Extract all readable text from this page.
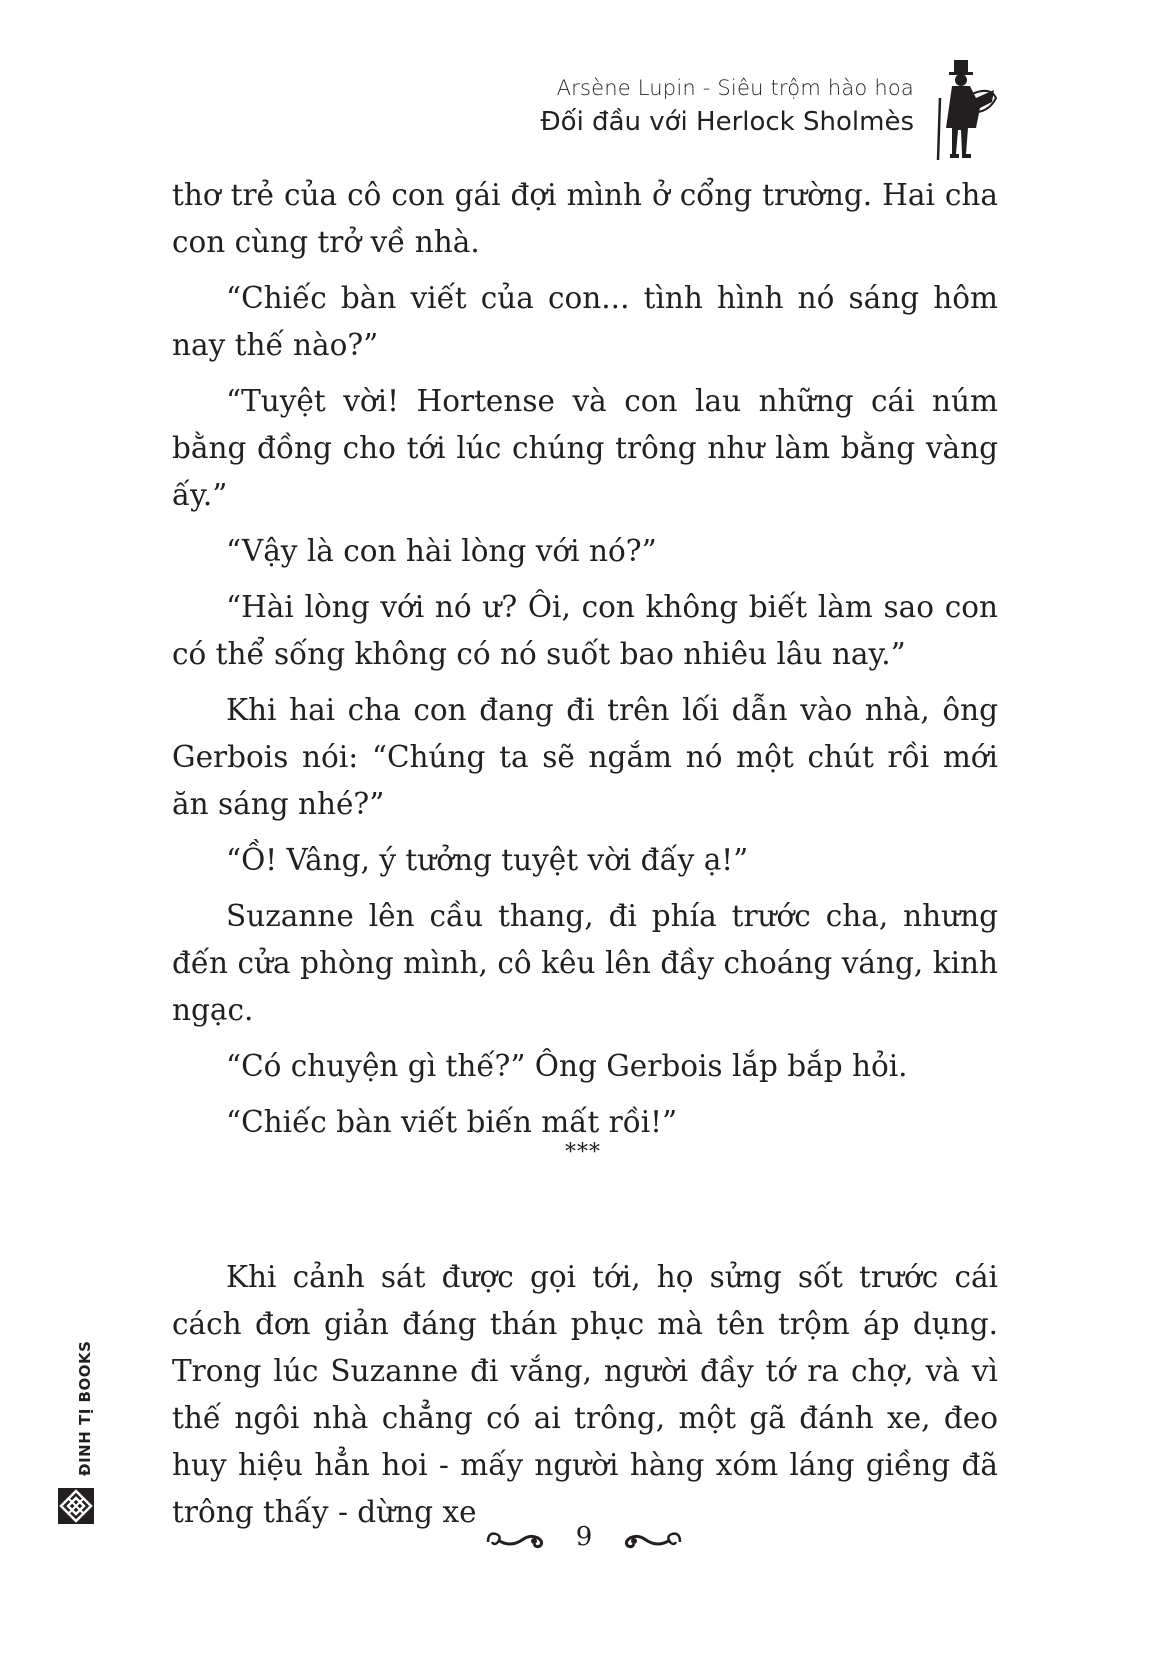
Arsène Lupin - Siêu trộm hào hoa
Đối đầu với Herlock Sholmès

thơ trẻ của cô con gái đợi mình ở cổng trường. Hai cha con cùng trở về nhà.

“Chiếc bàn viết của con... tình hình nó sáng hôm nay thế nào?”

“Tuyệt vời! Hortense và con lau những cái núm bằng đồng cho tới lúc chúng trông như làm bằng vàng ấy.”

“Vậy là con hài lòng với nó?”

“Hài lòng với nó ư? Ôi, con không biết làm sao con có thể sống không có nó suốt bao nhiêu lâu nay.”

Khi hai cha con đang đi trên lối dẫn vào nhà, ông Gerbois nói: “Chúng ta sẽ ngắm nó một chút rồi mới ăn sáng nhé?”

“Ồ! Vâng, ý tưởng tuyệt vời đấy ạ!”

Suzanne lên cầu thang, đi phía trước cha, nhưng đến cửa phòng mình, cô kêu lên đầy choáng váng, kinh ngạc.

“Có chuyện gì thế?” Ông Gerbois lắp bắp hỏi.

“Chiếc bàn viết biến mất rồi!”

***

Khi cảnh sát được gọi tới, họ sửng sốt trước cái cách đơn giản đáng thán phục mà tên trộm áp dụng. Trong lúc Suzanne đi vắng, người đầy tớ ra chợ, và vì thế ngôi nhà chẳng có ai trông, một gã đánh xe, đeo huy hiệu hẳn hoi - mấy người hàng xóm láng giềng đã trông thấy - dừng xe

9
ĐINH TỊ BOOKS
